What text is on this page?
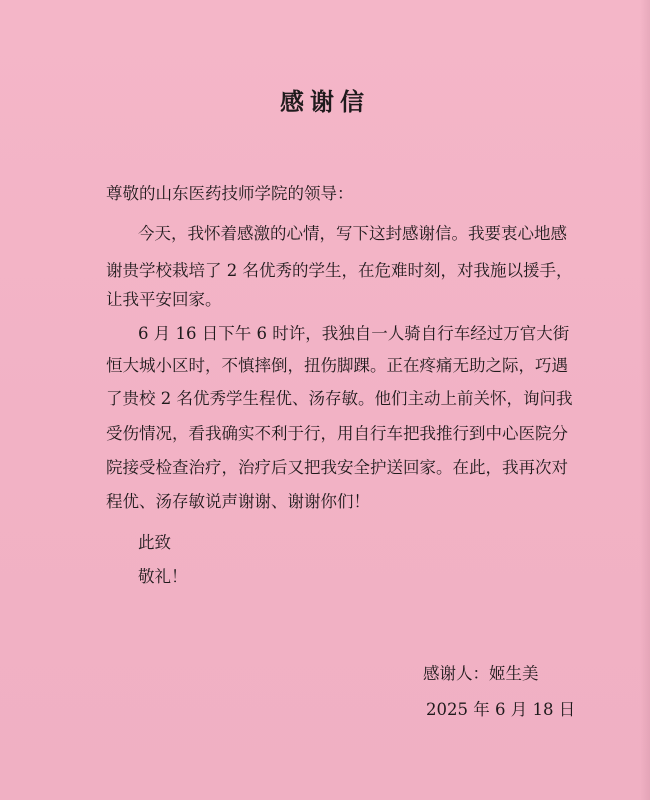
感谢信
尊敬的山东医药技师学院的领导：
今天，我怀着感激的心情，写下这封感谢信。我要衷心地感
谢贵学校栽培了 2 名优秀的学生，在危难时刻，对我施以援手，
让我平安回家。
6 月 16 日下午 6 时许，我独自一人骑自行车经过万官大街
恒大城小区时，不慎摔倒，扭伤脚踝。正在疼痛无助之际，巧遇
了贵校 2 名优秀学生程优、汤存敏。他们主动上前关怀，询问我
受伤情况，看我确实不利于行，用自行车把我推行到中心医院分
院接受检查治疗，治疗后又把我安全护送回家。在此，我再次对
程优、汤存敏说声谢谢、谢谢你们！
此致
敬礼！
感谢人：姬生美
2025 年 6 月 18 日
